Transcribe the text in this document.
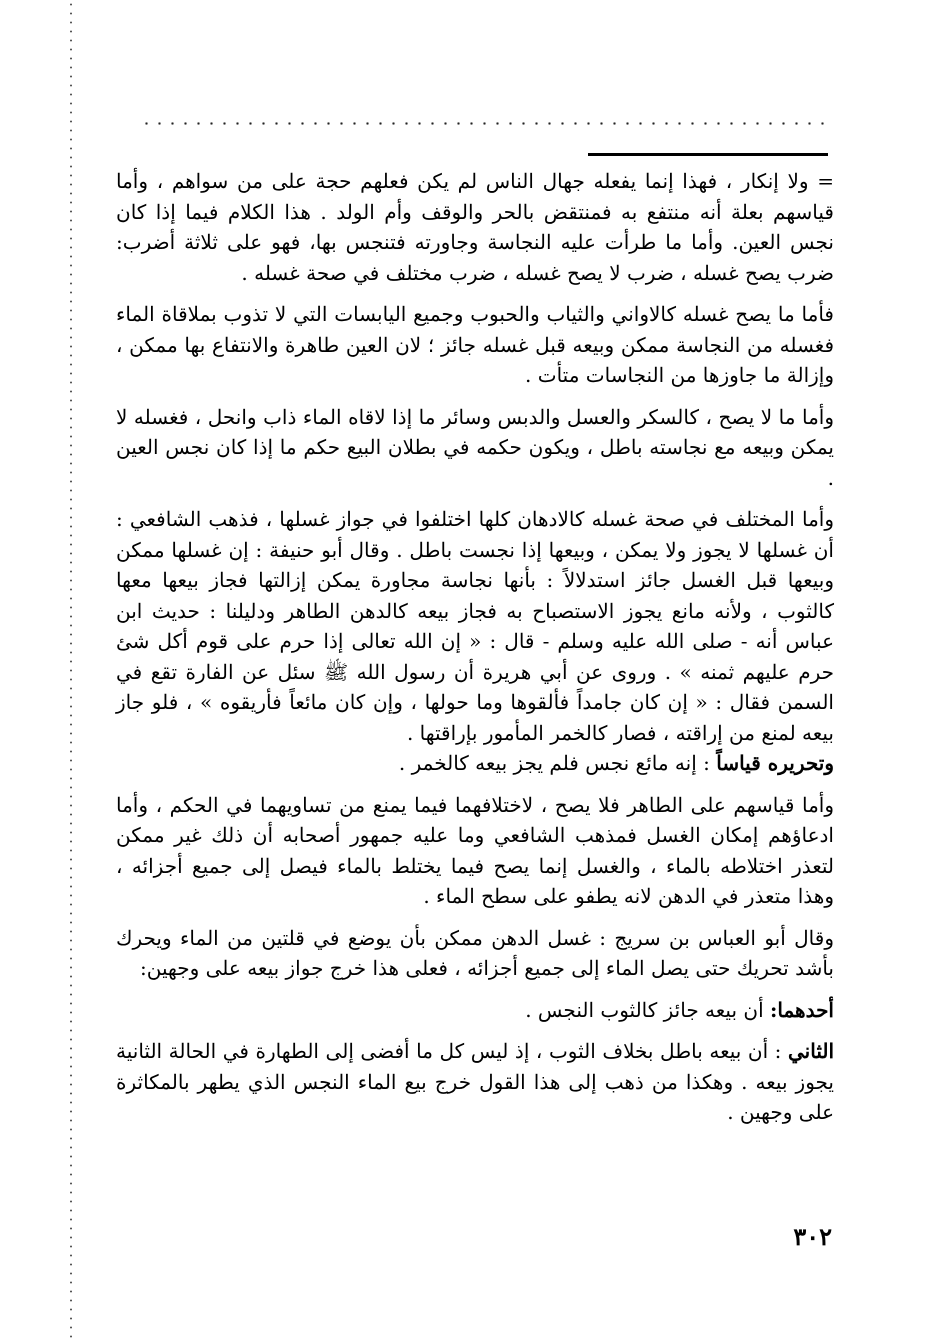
= ولا إنكار ، فهذا إنما يفعله جهال الناس لم يكن فعلهم حجة على من سواهم ، وأما قياسهم بعلة أنه منتفع به فمنتقض بالحر والوقف وأم الولد . هذا الكلام فيما إذا كان نجس العين. وأما ما طرأت عليه النجاسة وجاورته فتنجس بها، فهو على ثلاثة أضرب: ضرب يصح غسله ، ضرب لا يصح غسله ، ضرب مختلف في صحة غسله .

فأما ما يصح غسله كالاواني والثياب والحبوب وجميع اليابسات التي لا تذوب بملاقاة الماء فغسله من النجاسة ممكن وبيعه قبل غسله جائز ؛ لان العين طاهرة والانتفاع بها ممكن ، وإزالة ما جاوزها من النجاسات متأت .

وأما ما لا يصح ، كالسكر والعسل والدبس وسائر ما إذا لاقاه الماء ذاب وانحل ، فغسله لا يمكن وبيعه مع نجاسته باطل ، ويكون حكمه في بطلان البيع حكم ما إذا كان نجس العين .

وأما المختلف في صحة غسله كالادهان كلها اختلفوا في جواز غسلها ، فذهب الشافعي : أن غسلها لا يجوز ولا يمكن ، وبيعها إذا نجست باطل . وقال أبو حنيفة : إن غسلها ممكن وبيعها قبل الغسل جائز استدلالاً : بأنها نجاسة مجاورة يمكن إزالتها فجاز بيعها معها كالثوب ، ولأنه مانع يجوز الاستصباح به فجاز بيعه كالدهن الطاهر ودليلنا : حديث ابن عباس أنه - صلى الله عليه وسلم - قال : « إن الله تعالى إذا حرم على قوم أكل شئ حرم عليهم ثمنه » . وروى عن أبي هريرة أن رسول الله ﷺ سئل عن الفارة تقع في السمن فقال : « إن كان جامداً فألقوها وما حولها ، وإن كان مائعاً فأريقوه » ، فلو جاز بيعه لمنع من إراقته ، فصار كالخمر المأمور بإراقتها .

وتحريره قياساً : إنه مائع نجس فلم يجز بيعه كالخمر .

وأما قياسهم على الطاهر فلا يصح ، لاختلافهما فيما يمنع من تساويهما في الحكم ، وأما ادعاؤهم إمكان الغسل فمذهب الشافعي وما عليه جمهور أصحابه أن ذلك غير ممكن لتعذر اختلاطه بالماء ، والغسل إنما يصح فيما يختلط بالماء فيصل إلى جميع أجزائه ، وهذا متعذر في الدهن لانه يطفو على سطح الماء .

وقال أبو العباس بن سريج : غسل الدهن ممكن بأن يوضع في قلتين من الماء ويحرك بأشد تحريك حتى يصل الماء إلى جميع أجزائه ، فعلى هذا خرج جواز بيعه على وجهين:

أحدهما: أن بيعه جائز كالثوب النجس .

الثاني : أن بيعه باطل بخلاف الثوب ، إذ ليس كل ما أفضى إلى الطهارة في الحالة الثانية يجوز بيعه . وهكذا من ذهب إلى هذا القول خرج بيع الماء النجس الذي يطهر بالمكاثرة على وجهين .

٣٠٢
